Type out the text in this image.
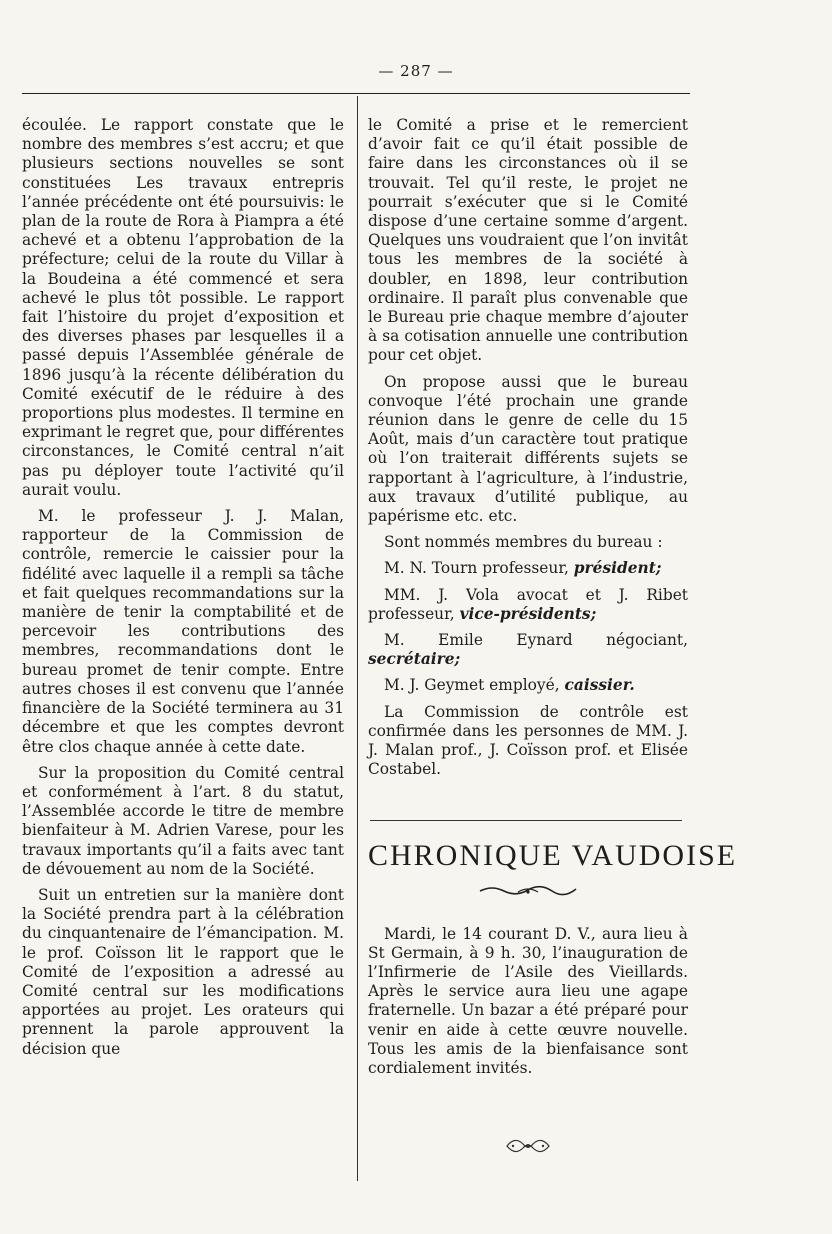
— 287 —

écoulée. Le rapport constate que le nombre des membres s’est accru; et que plusieurs sections nouvelles se sont constituées Les travaux entrepris l’année précédente ont été poursuivis: le plan de la route de Rora à Piampra a été achevé et a obtenu l’approbation de la préfecture; celui de la route du Villar à la Boudeina a été commencé et sera achevé le plus tôt possible. Le rapport fait l’histoire du projet d’exposition et des diverses phases par lesquelles il a passé depuis l’Assemblée générale de 1896 jusqu’à la récente délibération du Comité exécutif de le réduire à des proportions plus modestes. Il termine en exprimant le regret que, pour différentes circonstances, le Comité central n’ait pas pu déployer toute l’activité qu’il aurait voulu.

M. le professeur J. J. Malan, rapporteur de la Commission de contrôle, remercie le caissier pour la fidélité avec laquelle il a rempli sa tâche et fait quelques recommandations sur la manière de tenir la comptabilité et de percevoir les contributions des membres, recommandations dont le bureau promet de tenir compte. Entre autres choses il est convenu que l’année financière de la Société terminera au 31 décembre et que les comptes devront être clos chaque année à cette date.

Sur la proposition du Comité central et conformément à l’art. 8 du statut, l’Assemblée accorde le titre de membre bienfaiteur à M. Adrien Varese, pour les travaux importants qu’il a faits avec tant de dévouement au nom de la Société.

Suit un entretien sur la manière dont la Société prendra part à la célébration du cinquantenaire de l’émancipation. M. le prof. Coïsson lit le rapport que le Comité de l’exposition a adressé au Comité central sur les modifications apportées au projet. Les orateurs qui prennent la parole approuvent la décision que

le Comité a prise et le remercient d’avoir fait ce qu’il était possible de faire dans les circonstances où il se trouvait. Tel qu’il reste, le projet ne pourrait s’exécuter que si le Comité dispose d’une certaine somme d’argent. Quelques uns voudraient que l’on invitât tous les membres de la société à doubler, en 1898, leur contribution ordinaire. Il paraît plus convenable que le Bureau prie chaque membre d’ajouter à sa cotisation annuelle une contribution pour cet objet.

On propose aussi que le bureau convoque l’été prochain une grande réunion dans le genre de celle du 15 Août, mais d’un caractère tout pratique où l’on traiterait différents sujets se rapportant à l’agriculture, à l’industrie, aux travaux d’utilité publique, au papérisme etc. etc.

Sont nommés membres du bureau :

M. N. Tourn professeur, président;

MM. J. Vola avocat et J. Ribet professeur, vice-présidents;

M. Emile Eynard négociant, secrétaire;

M. J. Geymet employé, caissier.

La Commission de contrôle est confirmée dans les personnes de MM. J. J. Malan prof., J. Coïsson prof. et Elisée Costabel.

CHRONIQUE VAUDOISE

Mardi, le 14 courant D. V., aura lieu à St Germain, à 9 h. 30, l’inauguration de l’Infirmerie de l’Asile des Vieillards. Après le service aura lieu une agape fraternelle. Un bazar a été préparé pour venir en aide à cette œuvre nouvelle. Tous les amis de la bienfaisance sont cordialement invités.
